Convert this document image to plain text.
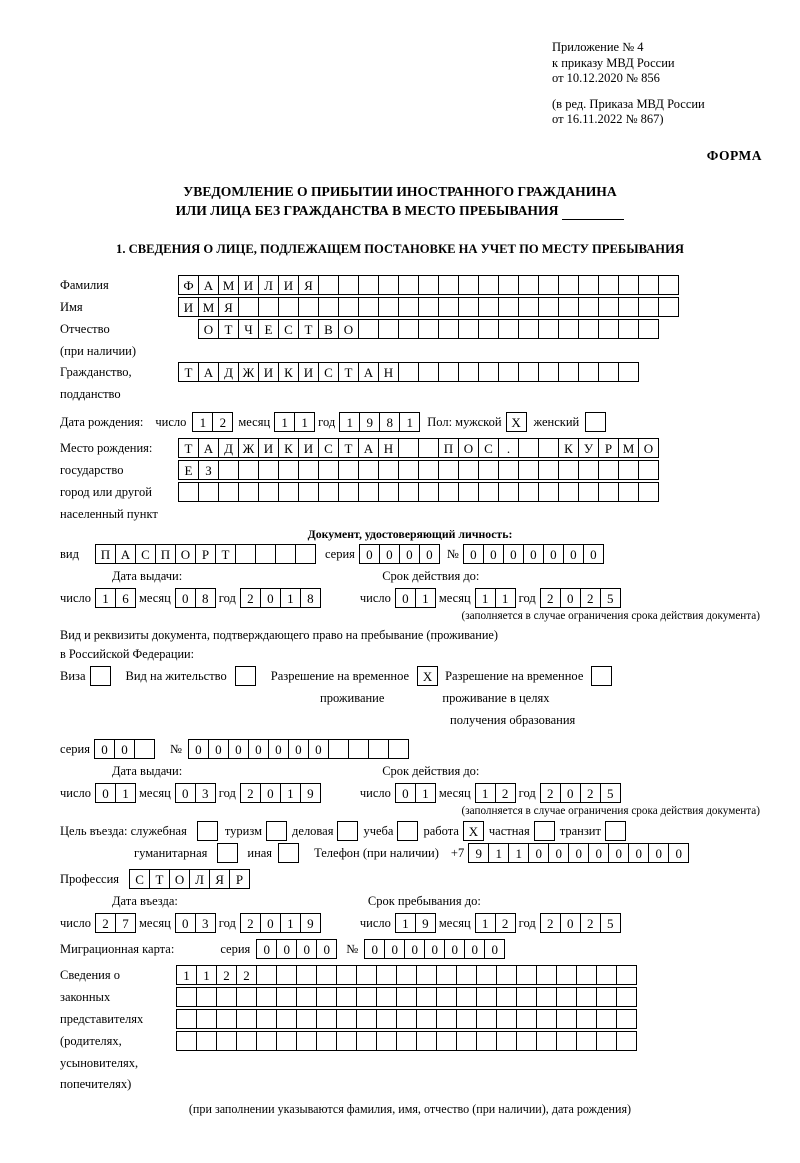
Приложение № 4
к приказу МВД России
от 10.12.2020 № 856
(в ред. Приказа МВД России
от 16.11.2022 № 867)
ФОРМА
УВЕДОМЛЕНИЕ О ПРИБЫТИИ ИНОСТРАННОГО ГРАЖДАНИНА
ИЛИ ЛИЦА БЕЗ ГРАЖДАНСТВА В МЕСТО ПРЕБЫВАНИЯ
1. СВЕДЕНИЯ О ЛИЦЕ, ПОДЛЕЖАЩЕМ ПОСТАНОВКЕ НА УЧЕТ ПО МЕСТУ ПРЕБЫВАНИЯ
Фамилия	Ф А М И Л И Я
Имя	И М Я
Отчество	О Т Ч Е С Т В О
(при наличии)
Гражданство,	Т А Д Ж И К И С Т А Н
подданство
Дата рождения: число	1	2 месяц 1	1 год 1	9	8	1	Пол: мужской X	женский
Место рождения:	Т А Д Ж И К И С Т А Н	П О С	.	К У Р М О
государство	Е З
город или другой
населенный пункт
Документ, удостоверяющий личность:
вид	П А С П О Р Т	серия 0	0	0	0	№ 0	0	0	0	0	0	0
Дата выдачи:	Срок действия до:
число 1	6 месяц 0	8 год 2	0	1	8	число 0	1 месяц 1	1 год 2	0	2	5
(заполняется в случае ограничения срока действия документа)
Вид и реквизиты документа, подтверждающего право на пребывание (проживание)
в Российской Федерации:
Виза	Вид на жительство	Разрешение на временное	X	Разрешение на временное
проживание	проживание в целях
получения образования
серия 0	0	№	0	0	0	0	0	0	0
Дата выдачи:	Срок действия до:
число 0	1 месяц 0	3 год 2	0	1	9	число 0	1 месяц 1	2 год 2	0	2	5
(заполняется в случае ограничения срока действия документа)
Цель въезда: служебная	туризм деловая учеба работа X частная транзит
гуманитарная	иная	Телефон (при наличии) +7 9	1	1	0	0	0	0	0	0	0	0
Профессия	С Т О Л Я Р
Дата въезда:	Срок пребывания до:
число 2	7 месяц 0	3 год 2	0	1	9	число 1	9 месяц 1	2 год 2	0	2	5
Миграционная карта:	серия	0	0	0	0	№	0	0	0	0	0	0	0
Сведения о	1	1	2	2
законных
представителях
(родителях,
усыновителях,
попечителях)
(при заполнении указываются фамилия, имя, отчество (при наличии), дата рождения)
